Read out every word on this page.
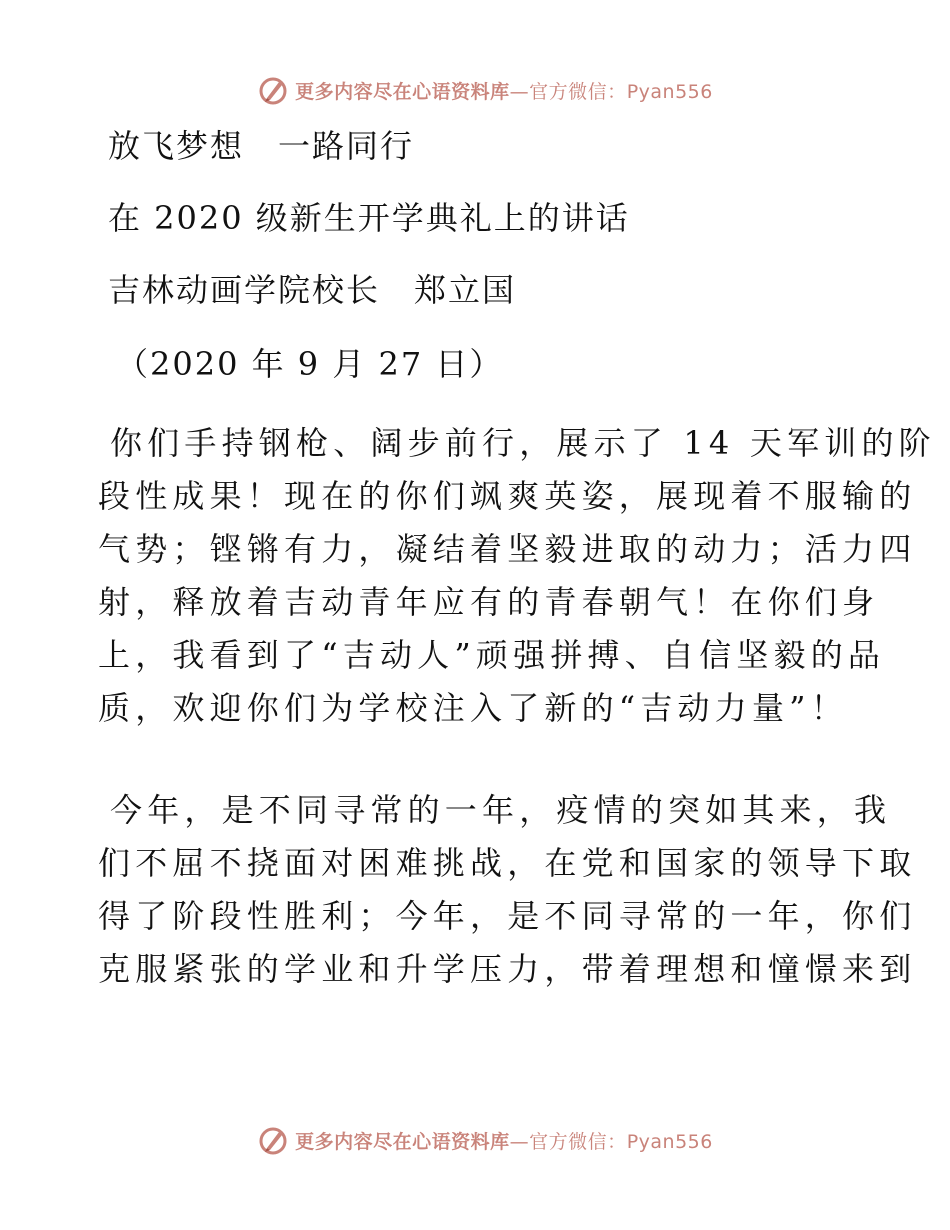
更多内容尽在心语资料库—官方微信：Pyan556
放飞梦想　一路同行
在 2020 级新生开学典礼上的讲话
吉林动画学院校长　郑立国
（2020 年 9 月 27 日）
你们手持钢枪、阔步前行，展示了 14 天军训的阶
段性成果！现在的你们飒爽英姿，展现着不服输的
气势；铿锵有力，凝结着坚毅进取的动力；活力四
射，释放着吉动青年应有的青春朝气！在你们身
上，我看到了“吉动人”顽强拼搏、自信坚毅的品
质，欢迎你们为学校注入了新的“吉动力量”！
今年，是不同寻常的一年，疫情的突如其来，我
们不屈不挠面对困难挑战，在党和国家的领导下取
得了阶段性胜利；今年，是不同寻常的一年，你们
克服紧张的学业和升学压力，带着理想和憧憬来到
更多内容尽在心语资料库—官方微信：Pyan556
